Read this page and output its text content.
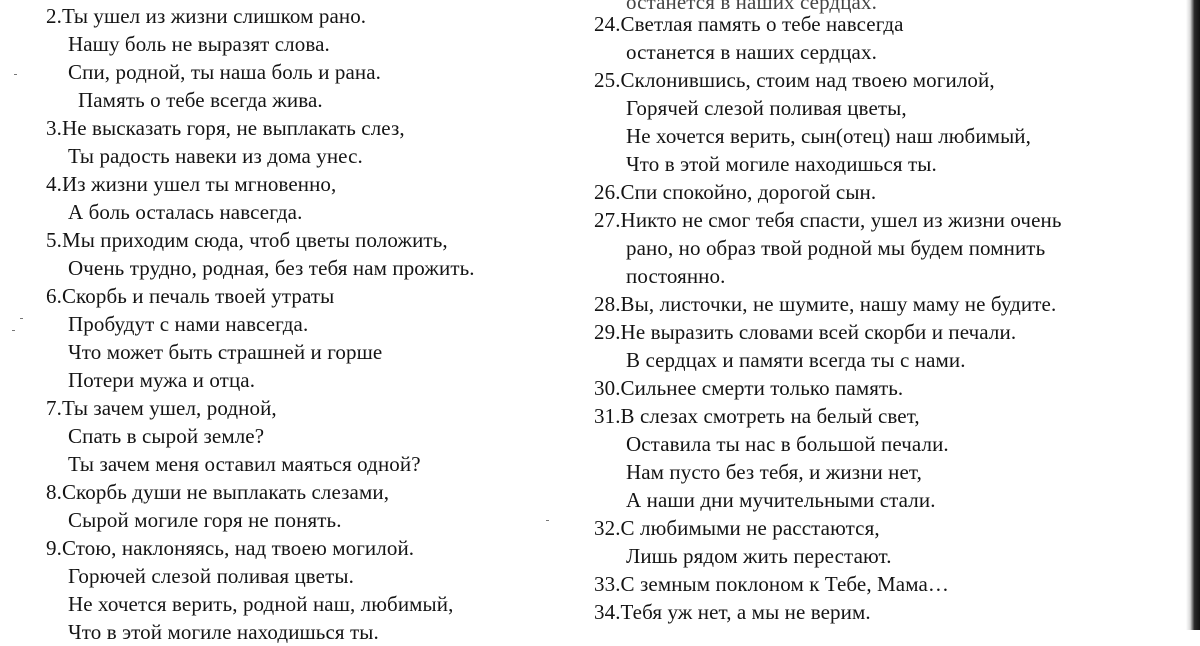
2.Ты ушел из жизни слишком рано.
Нашу боль не выразят слова.
Спи, родной, ты наша боль и рана.
Память о тебе всегда жива.
3.Не высказать горя, не выплакать слез,
Ты радость навеки из дома унес.
4.Из жизни ушел ты мгновенно,
А боль осталась навсегда.
5.Мы приходим сюда, чтоб цветы положить,
Очень трудно, родная, без тебя нам прожить.
6.Скорбь и печаль твоей утраты
Пробудут с нами навсегда.
Что может быть страшней и горше
Потери мужа и отца.
7.Ты зачем ушел, родной,
Спать в сырой земле?
Ты зачем меня оставил маяться одной?
8.Скорбь души не выплакать слезами,
Сырой могиле горя не понять.
9.Стою, наклоняясь, над твоею могилой.
Горючей слезой поливая цветы.
Не хочется верить, родной наш, любимый,
Что в этой могиле находишься ты.
останется в наших сердцах.
24.Светлая память о тебе навсегда
останется в наших сердцах.
25.Склонившись, стоим над твоею могилой,
Горячей слезой поливая цветы,
Не хочется верить, сын(отец) наш любимый,
Что в этой могиле находишься ты.
26.Спи спокойно, дорогой сын.
27.Никто не смог тебя спасти, ушел из жизни очень
рано, но образ твой родной мы будем помнить
постоянно.
28.Вы, листочки, не шумите, нашу маму не будите.
29.Не выразить словами всей скорби и печали.
В сердцах и памяти всегда ты с нами.
30.Сильнее смерти только память.
31.В слезах смотреть на белый свет,
Оставила ты нас в большой печали.
Нам пусто без тебя, и жизни нет,
А наши дни мучительными стали.
32.С любимыми не расстаются,
Лишь рядом жить перестают.
33.С земным поклоном к Тебе, Мама…
34.Тебя уж нет, а мы не верим.
